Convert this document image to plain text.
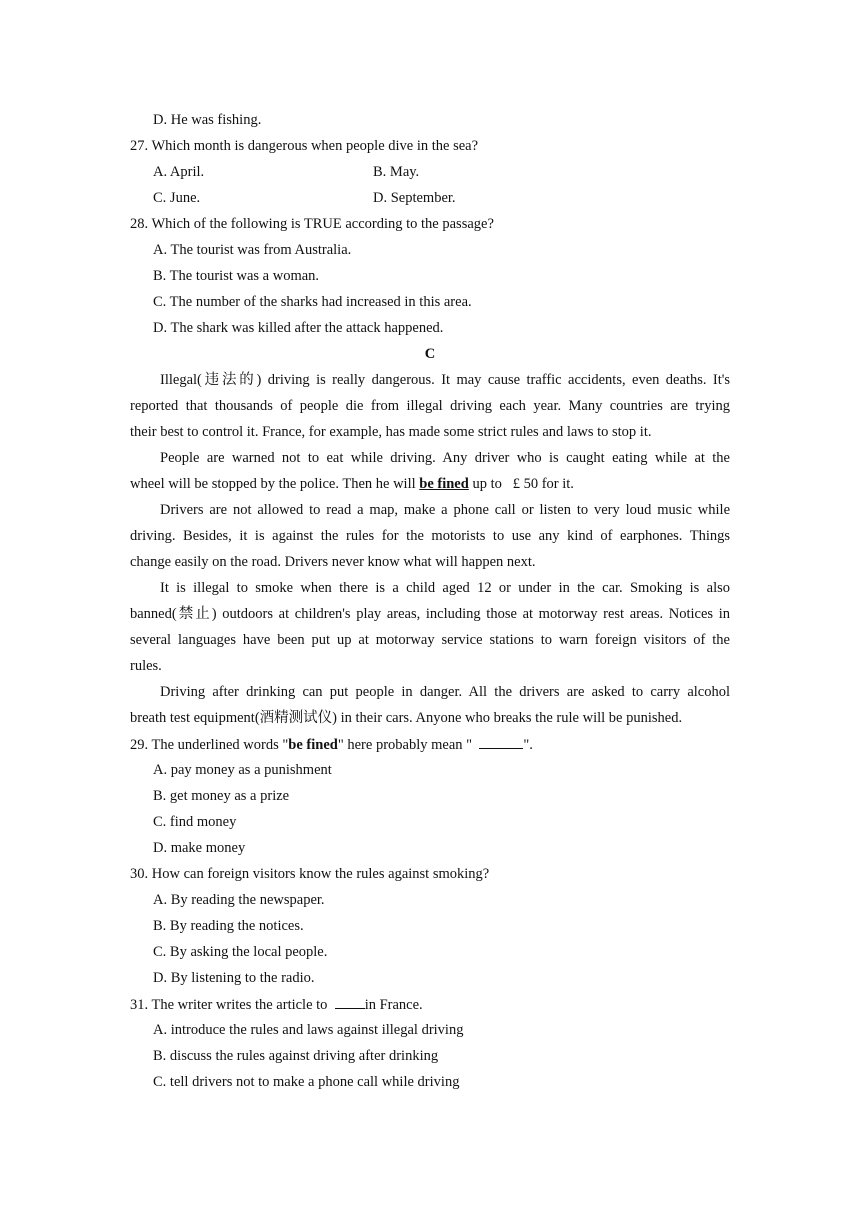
D. He was fishing.
27. Which month is dangerous when people dive in the sea?
A. April.	B. May.
C. June.	D. September.
28. Which of the following is TRUE according to the passage?
A. The tourist was from Australia.
B. The tourist was a woman.
C. The number of the sharks had increased in this area.
D. The shark was killed after the attack happened.
C
Illegal(违法的) driving is really dangerous. It may cause traffic accidents, even deaths. It's
reported that thousands of people die from illegal driving each year. Many countries are trying
their best to control it. France, for example, has made some strict rules and laws to stop it.
People are warned not to eat while driving. Any driver who is caught eating while at the
wheel will be stopped by the police. Then he will be fined up to   £ 50 for it.
Drivers are not allowed to read a map, make a phone call or listen to very loud music while
driving. Besides, it is against the rules for the motorists to use any kind of earphones. Things
change easily on the road. Drivers never know what will happen next.
It is illegal to smoke when there is a child aged 12 or under in the car. Smoking is also
banned(禁止) outdoors at children's play areas, including those at motorway rest areas. Notices in
several languages have been put up at motorway service stations to warn foreign visitors of the
rules.
Driving after drinking can put people in danger. All the drivers are asked to carry alcohol
breath test equipment(酒精测试仪) in their cars. Anyone who breaks the rule will be punished.
29. The underlined words "be fined" here probably mean "	".
A. pay money as a punishment
B. get money as a prize
C. find money
D. make money
30. How can foreign visitors know the rules against smoking?
A. By reading the newspaper.
B. By reading the notices.
C. By asking the local people.
D. By listening to the radio.
31. The writer writes the article to  in France.
A. introduce the rules and laws against illegal driving
B. discuss the rules against driving after drinking
C. tell drivers not to make a phone call while driving
